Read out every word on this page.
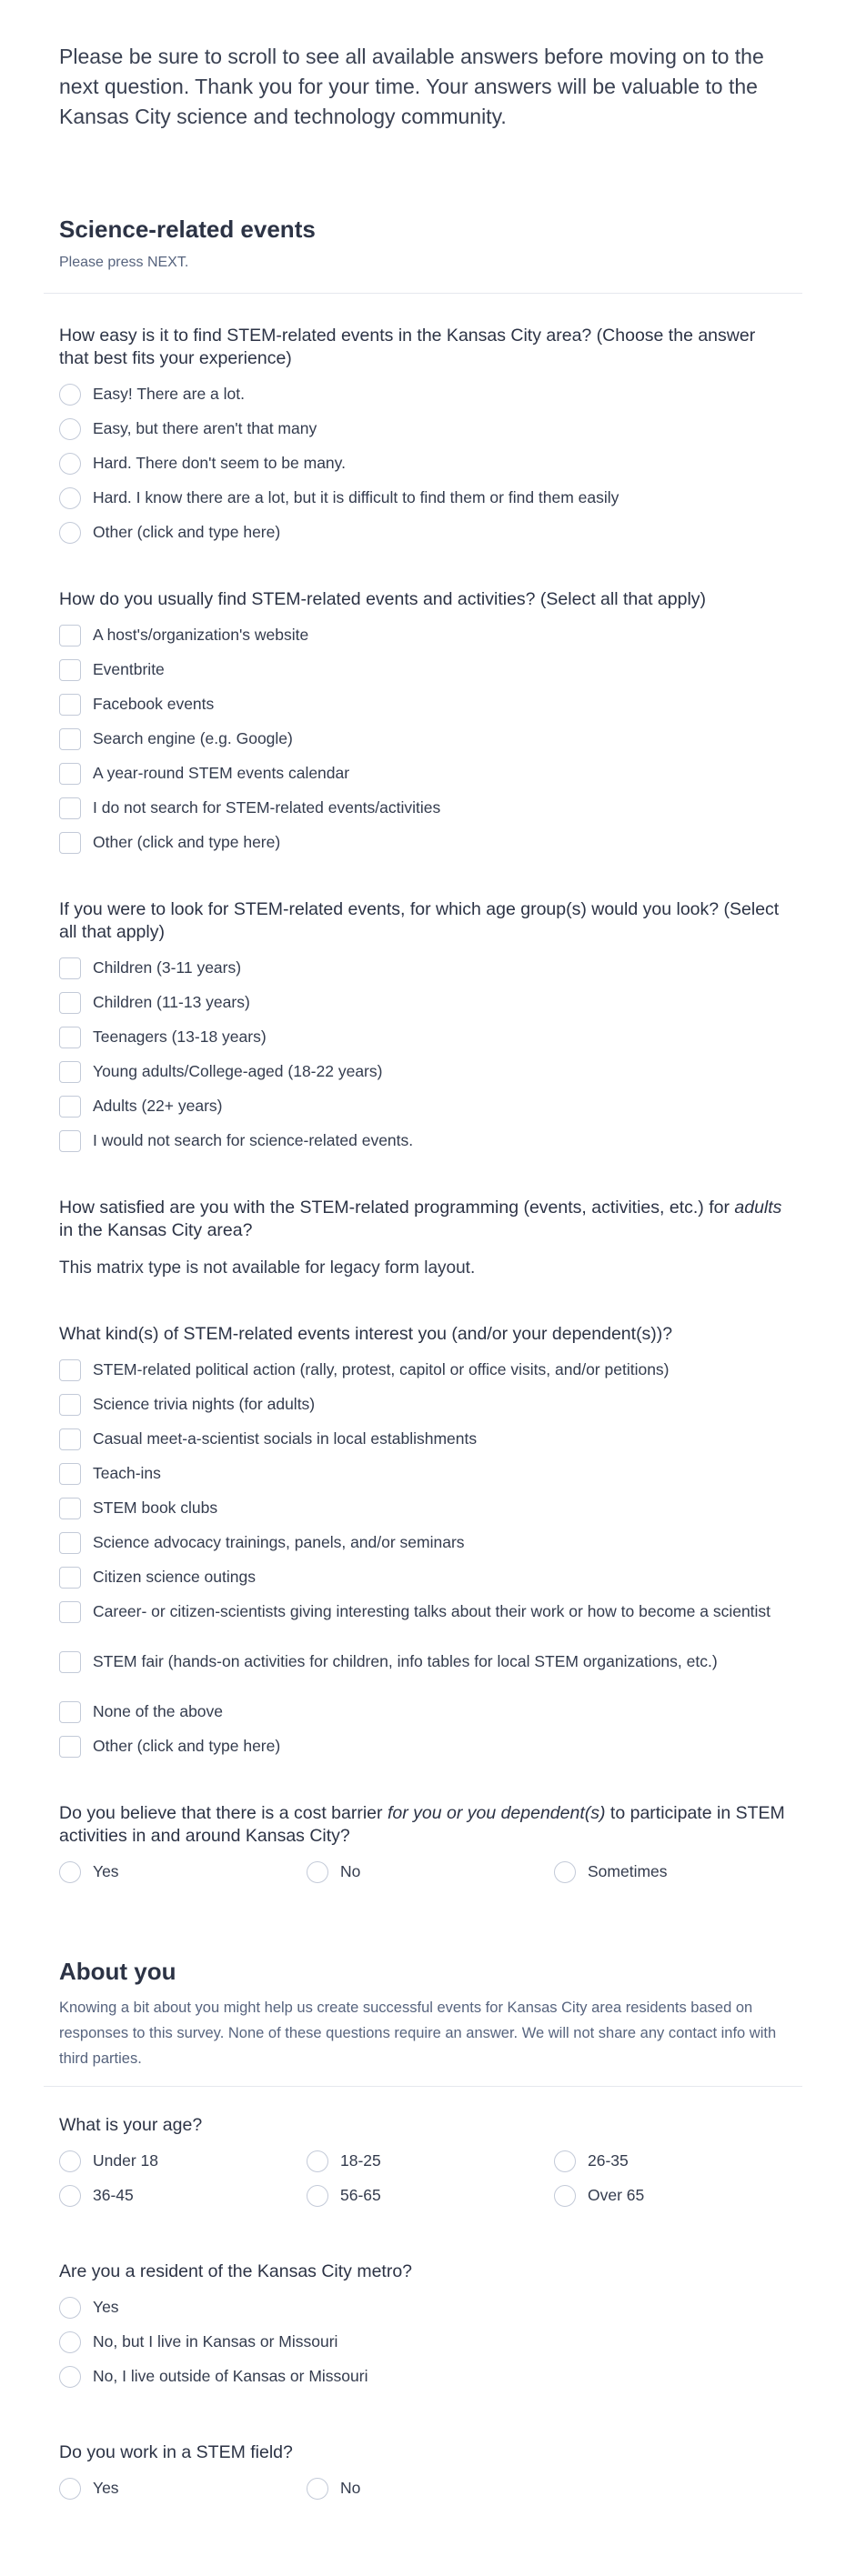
Please be sure to scroll to see all available answers before moving on to the next question. Thank you for your time. Your answers will be valuable to the Kansas City science and technology community.
Science-related events
Please press NEXT.
How easy is it to find STEM-related events in the Kansas City area? (Choose the answer that best fits your experience)
Easy! There are a lot.
Easy, but there aren't that many
Hard. There don't seem to be many.
Hard. I know there are a lot, but it is difficult to find them or find them easily
Other (click and type here)
How do you usually find STEM-related events and activities? (Select all that apply)
A host's/organization's website
Eventbrite
Facebook events
Search engine (e.g. Google)
A year-round STEM events calendar
I do not search for STEM-related events/activities
Other (click and type here)
If you were to look for STEM-related events, for which age group(s) would you look? (Select all that apply)
Children (3-11 years)
Children (11-13 years)
Teenagers (13-18 years)
Young adults/College-aged (18-22 years)
Adults (22+ years)
I would not search for science-related events.
How satisfied are you with the STEM-related programming (events, activities, etc.) for adults in the Kansas City area?
This matrix type is not available for legacy form layout.
What kind(s) of STEM-related events interest you (and/or your dependent(s))?
STEM-related political action (rally, protest, capitol or office visits, and/or petitions)
Science trivia nights (for adults)
Casual meet-a-scientist socials in local establishments
Teach-ins
STEM book clubs
Science advocacy trainings, panels, and/or seminars
Citizen science outings
Career- or citizen-scientists giving interesting talks about their work or how to become a scientist
STEM fair (hands-on activities for children, info tables for local STEM organizations, etc.)
None of the above
Other (click and type here)
Do you believe that there is a cost barrier for you or you dependent(s) to participate in STEM activities in and around Kansas City?
Yes	No	Sometimes
About you
Knowing a bit about you might help us create successful events for Kansas City area residents based on responses to this survey. None of these questions require an answer. We will not share any contact info with third parties.
What is your age?
Under 18	18-25	26-35
36-45	56-65	Over 65
Are you a resident of the Kansas City metro?
Yes
No, but I live in Kansas or Missouri
No, I live outside of Kansas or Missouri
Do you work in a STEM field?
Yes	No
